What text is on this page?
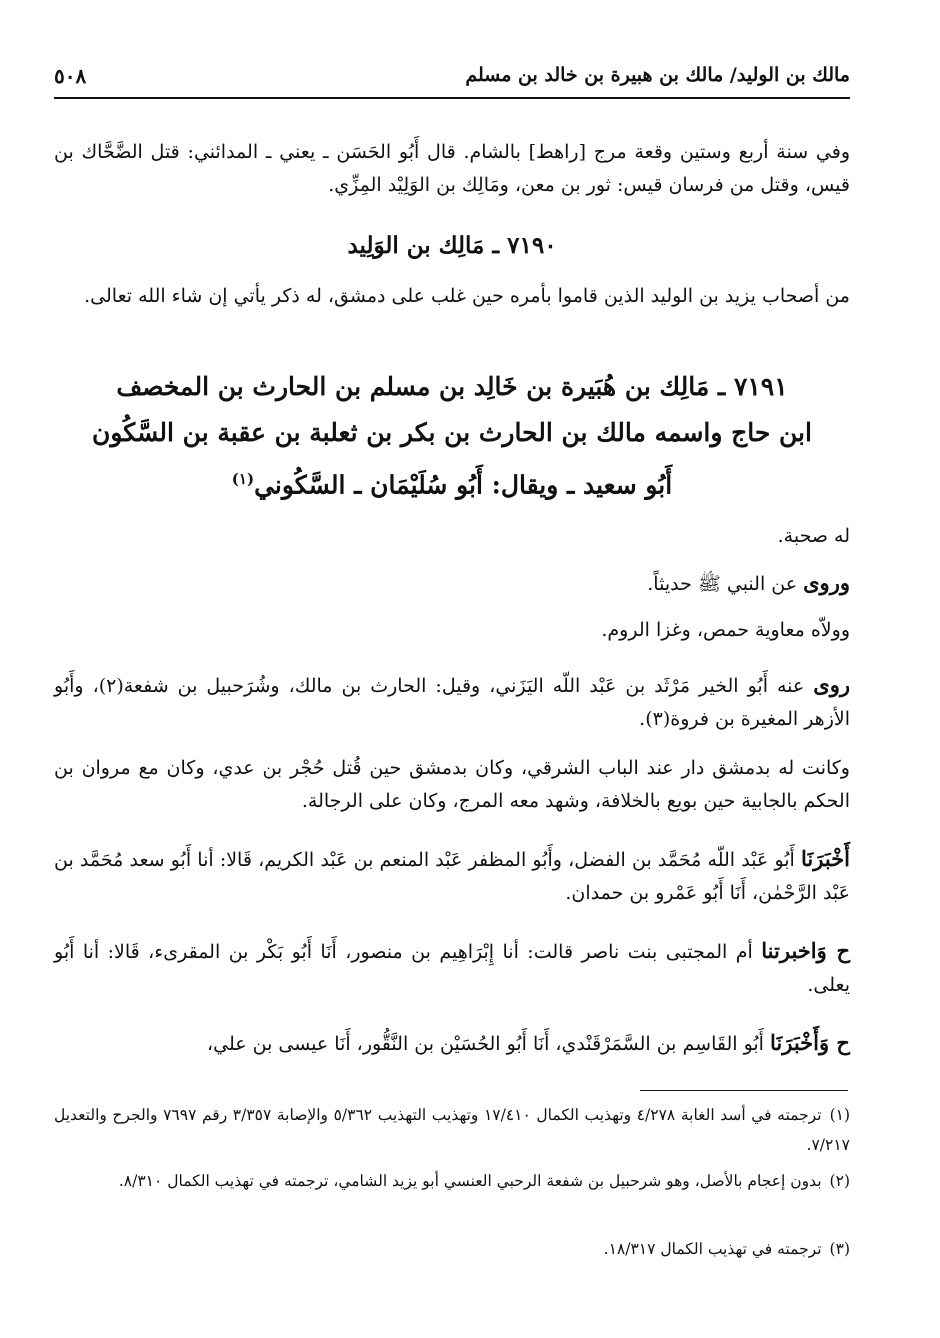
مالك بن الوليد/ مالك بن هبيرة بن خالد بن مسلم
٥٠٨
وفي سنة أربع وستين وقعة مرج [راهط] بالشام. قال أَبُو الحَسَن ـ يعني ـ المدائني: قتل الضَّحَّاك بن قيس، وقتل من فرسان قيس: ثور بن معن، ومَالِك بن الوَلِيْد المِزِّي.
٧١٩٠ ـ مَالِك بن الوَلِيد
من أصحاب يزيد بن الوليد الذين قاموا بأمره حين غلب على دمشق، له ذكر يأتي إن شاء الله تعالى.
٧١٩١ ـ مَالِك بن هُبَيرة بن خَالِد بن مسلم بن الحارث بن المخصف
ابن حاج واسمه مالك بن الحارث بن بكر بن ثعلبة بن عقبة بن السَّكُون
أَبُو سعيد ـ ويقال: أَبُو سُلَيْمَان ـ السَّكُوني$^{(١)}$
له صحبة.
وروى عن النبي ﷺ حديثاً.
وولاّه معاوية حمص، وغزا الروم.
روى عنه أَبُو الخير مَرْثَد بن عَبْد اللّه اليَزَني، وقيل: الحارث بن مالك، وشُرَحبيل بن شفعة(٢)، وأَبُو الأزهر المغيرة بن فروة(٣).
وكانت له بدمشق دار عند الباب الشرقي، وكان بدمشق حين قُتل حُجْر بن عدي، وكان مع مروان بن الحكم بالجابية حين بويع بالخلافة، وشهد معه المرج، وكان على الرجالة.
أَخْبَرَنَا أَبُو عَبْد اللّه مُحَمَّد بن الفضل، وأَبُو المظفر عَبْد المنعم بن عَبْد الكريم، قَالا: أنا أَبُو سعد مُحَمَّد بن عَبْد الرَّحْمٰن، أَنَا أَبُو عَمْرو بن حمدان.
ح وَاخبرتنا أم المجتبى بنت ناصر قالت: أنا إِبْرَاهِيم بن منصور، أَنَا أَبُو بَكْر بن المقرىء، قَالا: أنا أَبُو يعلى.
ح وَأَخْبَرَنَا أَبُو القَاسِم بن السَّمَرْقَنْدي، أَنَا أَبُو الحُسَيْن بن النَّقُّور، أَنَا عيسى بن علي،
(١)ترجمته في أسد الغابة ٤/٢٧٨ وتهذيب الكمال ١٧/٤١٠ وتهذيب التهذيب ٥/٣٦٢ والإصابة ٣/٣٥٧ رقم ٧٦٩٧ والجرح والتعديل ٧/٢١٧.
(٢)بدون إعجام بالأصل، وهو شرحبيل بن شفعة الرحبي العنسي أبو يزيد الشامي، ترجمته في تهذيب الكمال ٨/٣١٠.
(٣)ترجمته في تهذيب الكمال ١٨/٣١٧.
